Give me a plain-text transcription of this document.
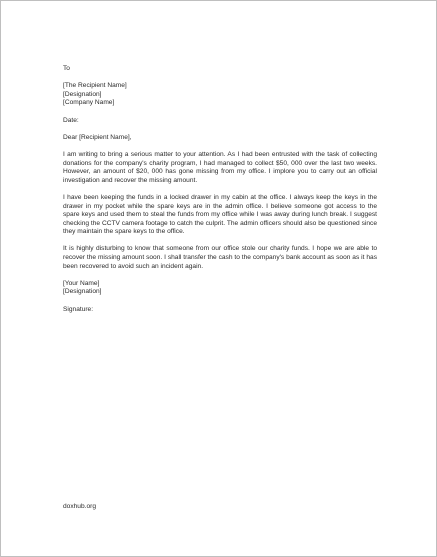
To
[The Recipient Name]
[Designation]
[Company Name]
Date:
Dear [Recipient Name],
I am writing to bring a serious matter to your attention. As I had been entrusted with the task of collecting donations for the company's charity program, I had managed to collect $50, 000 over the last two weeks. However, an amount of $20, 000 has gone missing from my office. I implore you to carry out an official investigation and recover the missing amount.
I have been keeping the funds in a locked drawer in my cabin at the office. I always keep the keys in the drawer in my pocket while the spare keys are in the admin office. I believe someone got access to the spare keys and used them to steal the funds from my office while I was away during lunch break. I suggest checking the CCTV camera footage to catch the culprit. The admin officers should also be questioned since they maintain the spare keys to the office.
It is highly disturbing to know that someone from our office stole our charity funds. I hope we are able to recover the missing amount soon. I shall transfer the cash to the company's bank account as soon as it has been recovered to avoid such an incident again.
[Your Name]
[Designation]
Signature:
doxhub.org
